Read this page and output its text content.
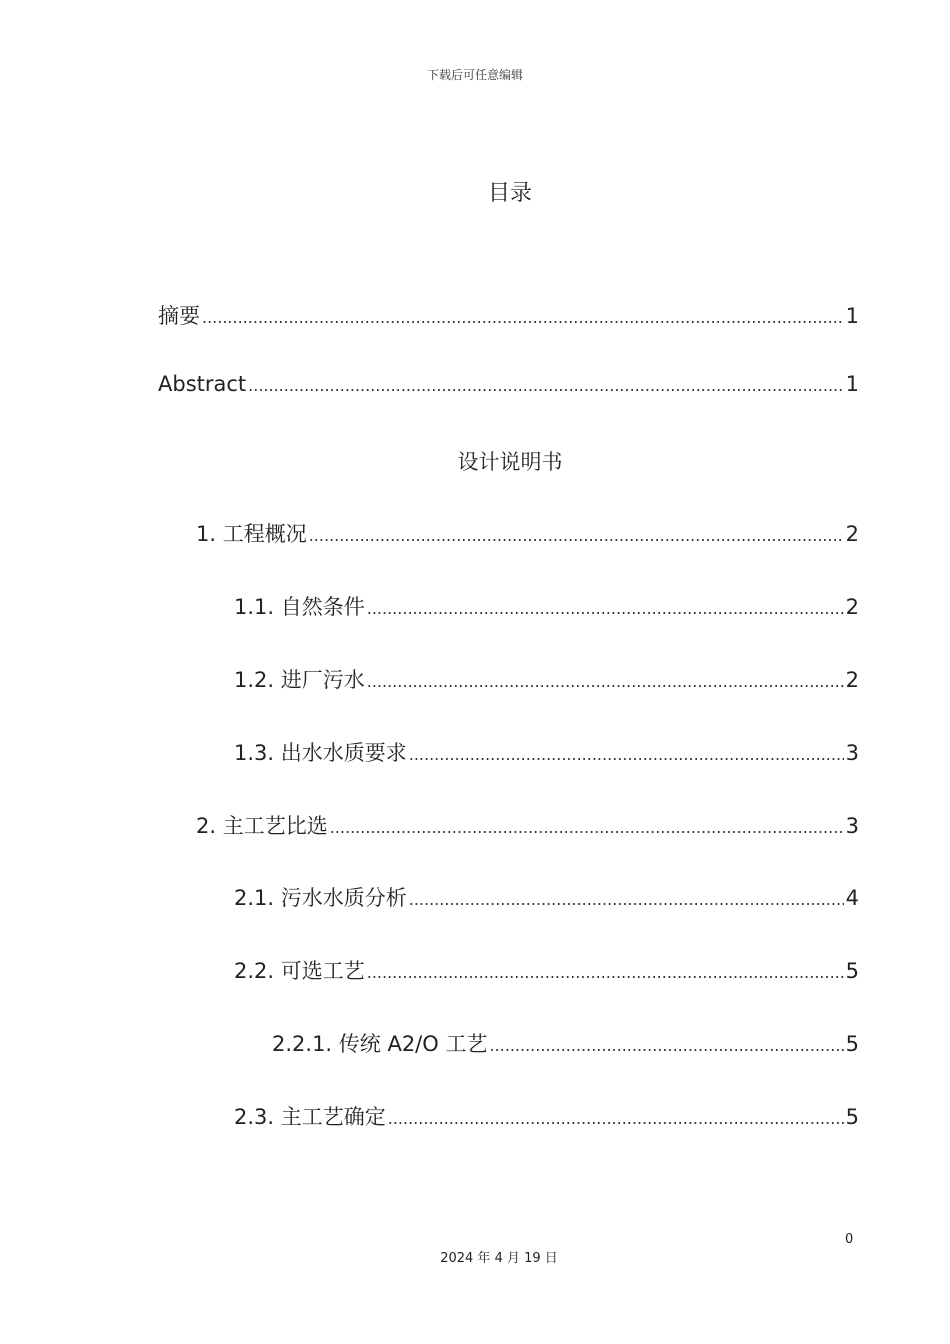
下载后可任意编辑
目录
摘要 .....	1
Abstract .....	1
设计说明书
1. 工程概况 .....	2
1.1. 自然条件 .....	2
1.2. 进厂污水 .....	2
1.3. 出水水质要求 .....	3
2. 主工艺比选 .....	3
2.1. 污水水质分析 .....	4
2.2. 可选工艺 .....	5
2.2.1. 传统 A2/O 工艺 .....	5
2.3. 主工艺确定 .....	5
0
2024 年 4 月 19 日
